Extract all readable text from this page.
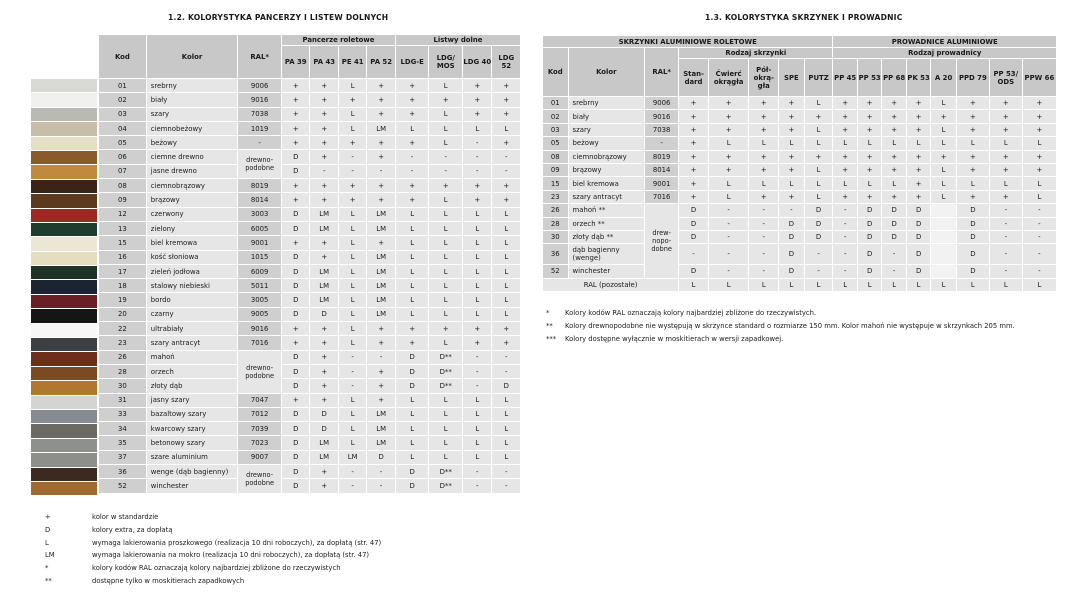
1.2. KOLORYSTYKA PANCERZY I LISTEW DOLNYCH	1.3. KOLORYSTYKA SKRZYNEK I PROWADNIC
Kod	Kolor	RAL*	Pancerze roletowe				Listwy dolne			
			PA 39	PA 43	PE 41	PA 52	LDG-E	LDG/ MOS	LDG 40	LDG 52
01	srebrny	9006	+	+	L	+	+	L	+	+
02	biały	9016	+	+	+	+	+	+	+	+
03	szary	7038	+	+	L	+	+	L	+	+
04	ciemnobeżowy	1019	+	+	L	LM	L	L	L	L
05	beżowy	-	+	+	+	+	+	L	-	+
06	ciemne drewno	drewno-podobne	D	+	-	+	-	-	-	-
07	jasne drewno		D	-	-	-	-	-	-	-
08	ciemnobrązowy	8019	+	+	+	+	+	+	+	+
09	brązowy	8014	+	+	+	+	+	L	+	+
12	czerwony	3003	D	LM	L	LM	L	L	L	L
13	zielony	6005	D	LM	L	LM	L	L	L	L
15	biel kremowa	9001	+	+	L	+	L	L	L	L
16	kość słoniowa	1015	D	+	L	LM	L	L	L	L
17	zieleń jodłowa	6009	D	LM	L	LM	L	L	L	L
18	stalowy niebieski	5011	D	LM	L	LM	L	L	L	L
19	bordo	3005	D	LM	L	LM	L	L	L	L
20	czarny	9005	D	D	L	LM	L	L	L	L
22	ultrabiały	9016	+	+	L	+	+	+	+	+
23	szary antracyt	7016	+	+	L	+	+	L	+	+
26	mahoń	drewno-podobne	D	+	-	-	D	D**	-	-
28	orzech		D	+	-	+	D	D**	-	-
30	złoty dąb		D	+	-	+	D	D**	-	D
31	jasny szary	7047	+	+	L	+	L	L	L	L
33	bazaltowy szary	7012	D	D	L	LM	L	L	L	L
34	kwarcowy szary	7039	D	D	L	LM	L	L	L	L
35	betonowy szary	7023	D	LM	L	LM	L	L	L	L
37	szare aluminium	9007	D	LM	LM	D	L	L	L	L
36	wenge (dąb bagienny)	drewno-podobne	D	+	-	-	D	D**	-	-
52	winchester		D	+	-	-	D	D**	-	-
SKRZYNKI ALUMINIOWE ROLETOWE								PROWADNICE ALUMINIOWE							
Kod	Kolor	RAL*	Rodzaj skrzynki					Rodzaj prowadnicy							
			Stan-dard	Ćwierć okrągła	Pół-okrą-gła	SPE	PUTZ	PP 45	PP 53	PP 68	PK 53	A 20	PPD 79	PP 53/ ODS	PPW 66
01	srebrny	9006	+	+	+	+	L	+	+	+	+	L	+	+	+
02	biały	9016	+	+	+	+	+	+	+	+	+	+	+	+	+
03	szary	7038	+	+	+	+	L	+	+	+	+	L	+	+	+
05	beżowy	-	+	L	L	L	L	L	L	L	L	L	L	L	L
08	ciemnobrązowy	8019	+	+	+	+	+	+	+	+	+	+	+	+	+
09	brązowy	8014	+	+	+	+	L	+	+	+	+	L	+	+	+
15	biel kremowa	9001	+	L	L	L	L	L	L	L	+	L	L	L	L
23	szary antracyt	7016	+	L	+	+	L	+	+	+	+	L	+	+	L
26	mahoń **	drew-nopo-dobne	D	-	-	-	D	-	D	D	D		D	-	-
28	orzech **		D	-	-	D	D	-	D	D	D		D	-	-
30	złoty dąb **		D	-	-	D	D	-	D	D	D		D	-	-
36	dąb bagienny (wenge)		-	-	-	D	-	-	D	-	D		D	-	-
52	winchester		D	-	-	D	-	-	D	-	D		D	-	-
RAL (pozostałe)			L	L	L	L	L	L	L	L	L	L	L	L	L
* Kolory kodów RAL oznaczają kolory najbardziej zbliżone do rzeczywistych.
** Kolory drewnopodobne nie występują w skrzynce standard o rozmiarze 150 mm. Kolor mahoń nie występuje w skrzynkach 205 mm.
*** Kolory dostępne wyłącznie w moskitierach w wersji zapadkowej.
+	kolor w standardzie
D	kolory extra, za dopłatą
L	wymaga lakierowania proszkowego (realizacja 10 dni roboczych), za dopłatą (str. 47)
LM	wymaga lakierowania na mokro (realizacja 10 dni roboczych), za dopłatą (str. 47)
*	kolory kodów RAL oznaczają kolory najbardziej zbliżone do rzeczywistych
**	dostępne tylko w moskitierach zapadkowych
